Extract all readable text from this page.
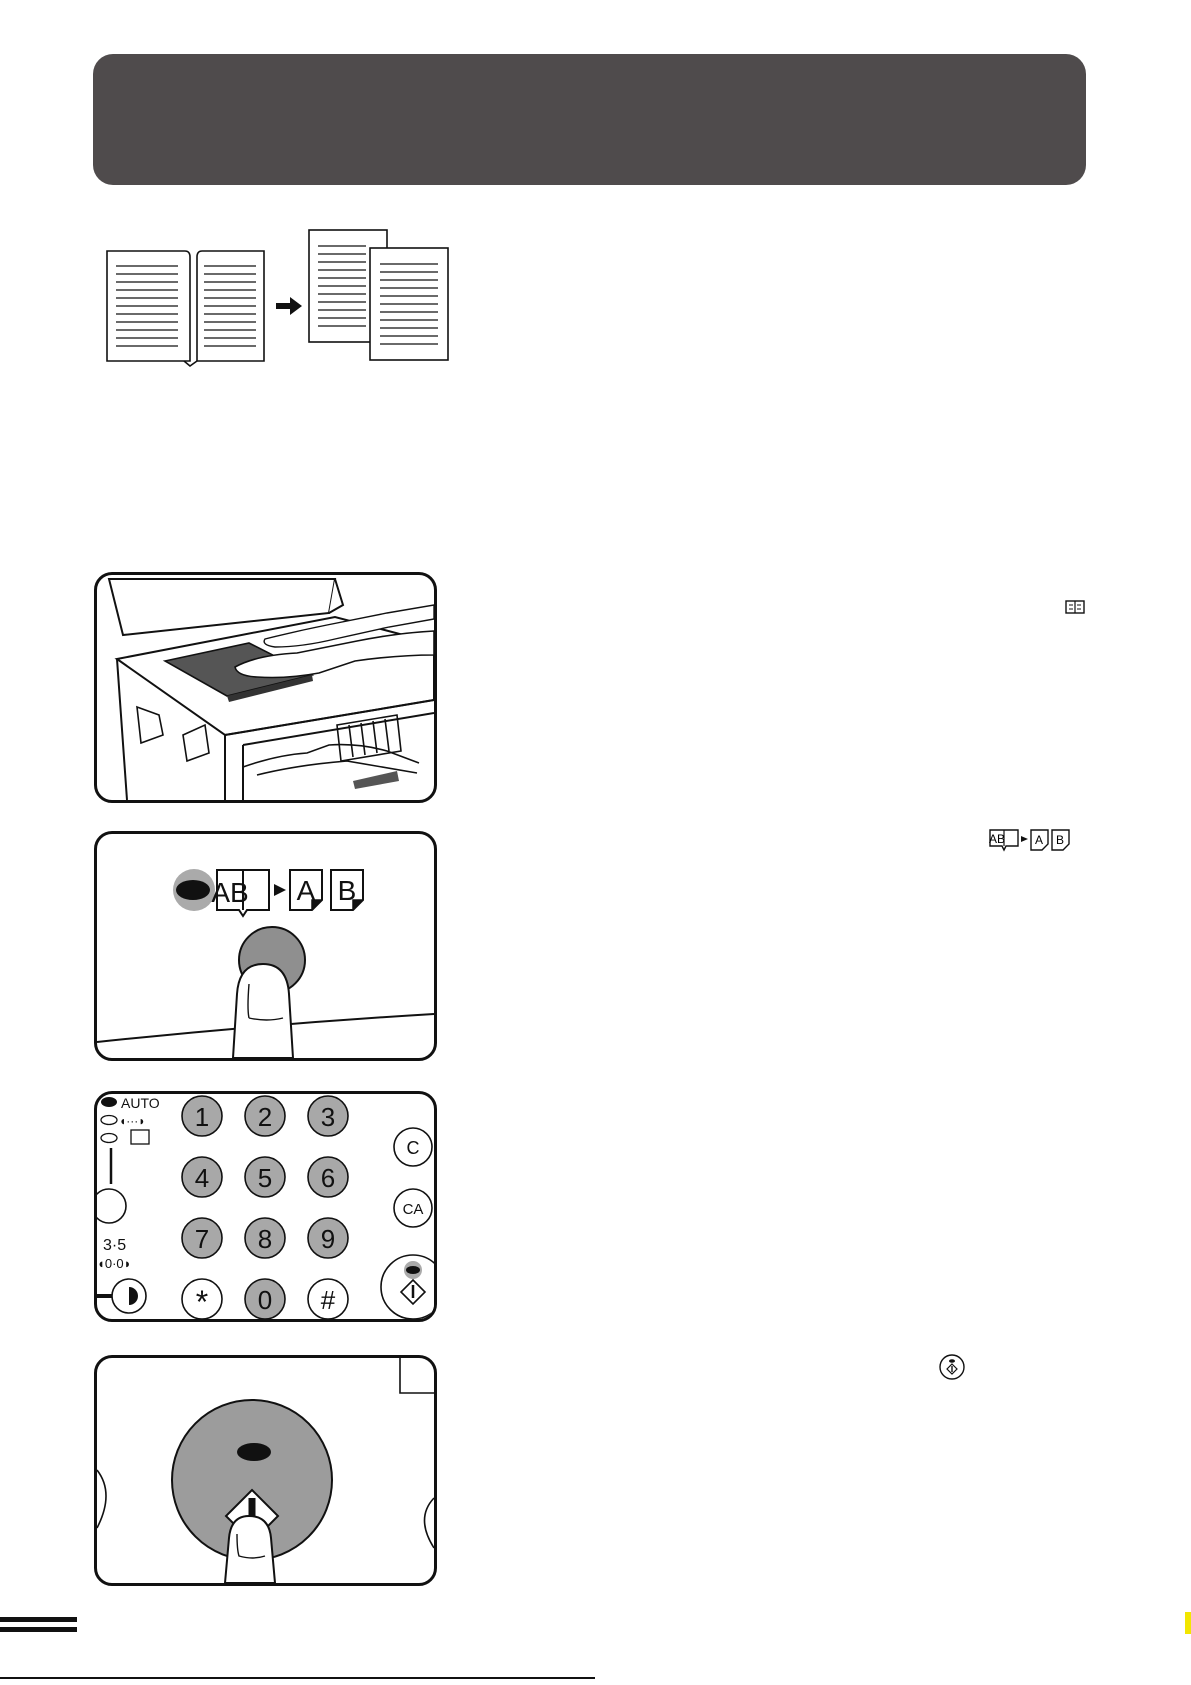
AB A B
AB A B
AUTO
◖···◗
3·5
◖0·0◗
1 2 3
4 5 6
7 8 9
* 0 #
C
CA
